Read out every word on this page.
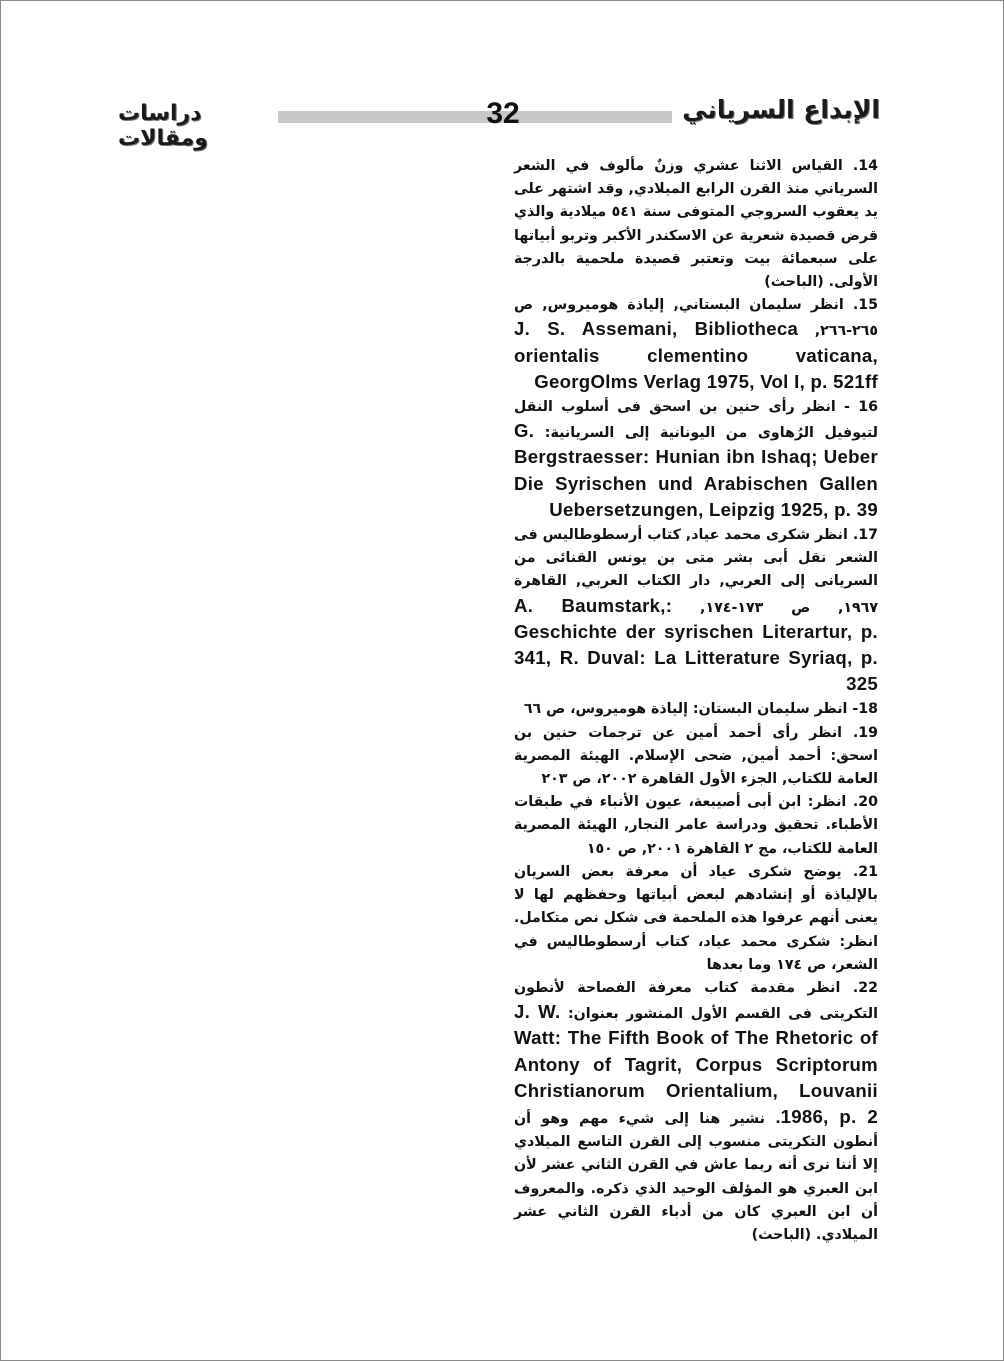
دراسات ومقالات
32	الإبداع السرياني

14. القياس الاثنا عشري وزنٌ مألوف في الشعر السرياني منذ القرن الرابع الميلادي, وقد اشتهر على يد يعقوب السروجي المتوفى سنة ٥٤١ ميلادية والذي قرض قصيدة شعرية عن الاسكندر الأكبر وتربو أبياتها على سبعمائة بيت وتعتبر قصيدة ملحمية بالدرجة الأولى. (الباحث)

15. انظر سليمان البستاني, إلياذة هوميروس, ص ٢٦٥-٢٦٦, J. S. Assemani, Bibliotheca orientalis clementino vaticana, GeorgOlms Verlag 1975, Vol I, p. 521ff

16 - انظر رأى حنين بن اسحق فى أسلوب النقل لتيوفيل الرُهاوى من اليونانية إلى السريانية: G. Bergstraesser: Hunian ibn Ishaq; Ueber Die Syrischen und Arabischen Gallen Uebersetzungen, Leipzig 1925, p. 39

17. انظر شكرى محمد عياد, كتاب أرسطوطاليس فى الشعر نقل أبى بشر متى بن يونس القنائى من السريانى إلى العربي, دار الكتاب العربي, القاهرة ١٩٦٧, ص ١٧٣-١٧٤, A. Baumstark,: Geschichte der syrischen Literartur, p. 341, R. Duval: La Litterature Syriaq, p. 325

18- انظر سليمان البستان: إلياذة هوميروس، ص ٦٦

19. انظر رأى أحمد أمين عن ترجمات حنين بن اسحق: أحمد أمين, ضحى الإسلام. الهيئة المصرية العامة للكتاب, الجزء الأول القاهرة ٢٠٠٢، ص ٢٠٣

20. انظر: ابن أبى أصيبعة، عيون الأنباء في طبقات الأطباء. تحقيق ودراسة عامر النجار, الهيئة المصرية العامة للكتاب، مج ٢ القاهرة ٢٠٠١, ص ١٥٠

21. يوضح شكرى عياد أن معرفة بعض السريان بالإلياذة أو إنشادهم لبعض أبياتها وحفظهم لها لا يعنى أنهم عرفوا هذه الملحمة فى شكل نص متكامل. انظر: شكرى محمد عياد، كتاب أرسطوطاليس في الشعر، ص ١٧٤ وما بعدها

22. انظر مقدمة كتاب معرفة الفصاحة لأنطون التكريتى فى القسم الأول المنشور بعنوان: J. W. Watt: The Fifth Book of The Rhetoric of Antony of Tagrit, Corpus Scriptorum Christianorum Orientalium, Louvanii 1986, p. 2. نشير هنا إلى شيء مهم وهو أن أنطون التكريتى منسوب إلى القرن التاسع الميلادي إلا أننا نرى أنه ربما عاش في القرن الثاني عشر لأن ابن العبري هو المؤلف الوحيد الذي ذكره. والمعروف أن ابن العبري كان من أدباء القرن الثاني عشر الميلادي. (الباحث)
